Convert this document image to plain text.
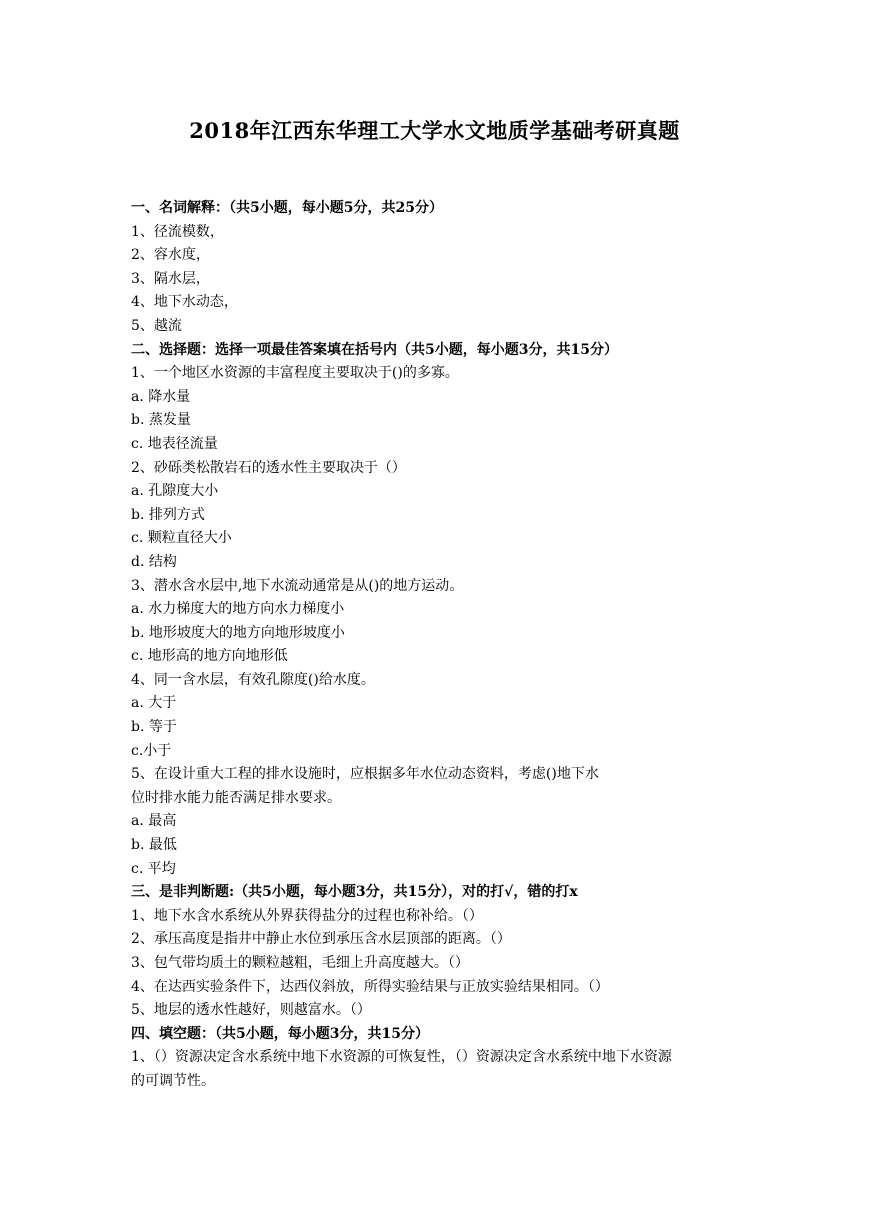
2018年江西东华理工大学水文地质学基础考研真题
一、名词解释：（共5小题，每小题5分，共25分）
1、径流模数，
2、容水度，
3、隔水层，
4、地下水动态，
5、越流
二、选择题：选择一项最佳答案填在括号内（共5小题，每小题3分，共15分）
1、一个地区水资源的丰富程度主要取决于()的多寡。
a. 降水量
b. 蒸发量
c. 地表径流量
2、砂砾类松散岩石的透水性主要取决于（）
a. 孔隙度大小
b. 排列方式
c. 颗粒直径大小
d. 结构
3、潜水含水层中,地下水流动通常是从()的地方运动。
a. 水力梯度大的地方向水力梯度小
b. 地形坡度大的地方向地形坡度小
c. 地形高的地方向地形低
4、同一含水层，有效孔隙度()给水度。
a. 大于
b. 等于
c.小于
5、在设计重大工程的排水设施时，应根据多年水位动态资料，考虑()地下水
位时排水能力能否满足排水要求。
a. 最高
b. 最低
c. 平均
三、是非判断题:（共5小题，每小题3分，共15分），对的打√，错的打x
1、地下水含水系统从外界获得盐分的过程也称补给。（）
2、承压高度是指井中静止水位到承压含水层顶部的距离。（）
3、包气带均质土的颗粒越粗，毛细上升高度越大。（）
4、在达西实验条件下，达西仪斜放，所得实验结果与正放实验结果相同。（）
5、地层的透水性越好，则越富水。（）
四、填空题：（共5小题，每小题3分，共15分）
1、（）资源决定含水系统中地下水资源的可恢复性，（）资源决定含水系统中地下水资源
的可调节性。
